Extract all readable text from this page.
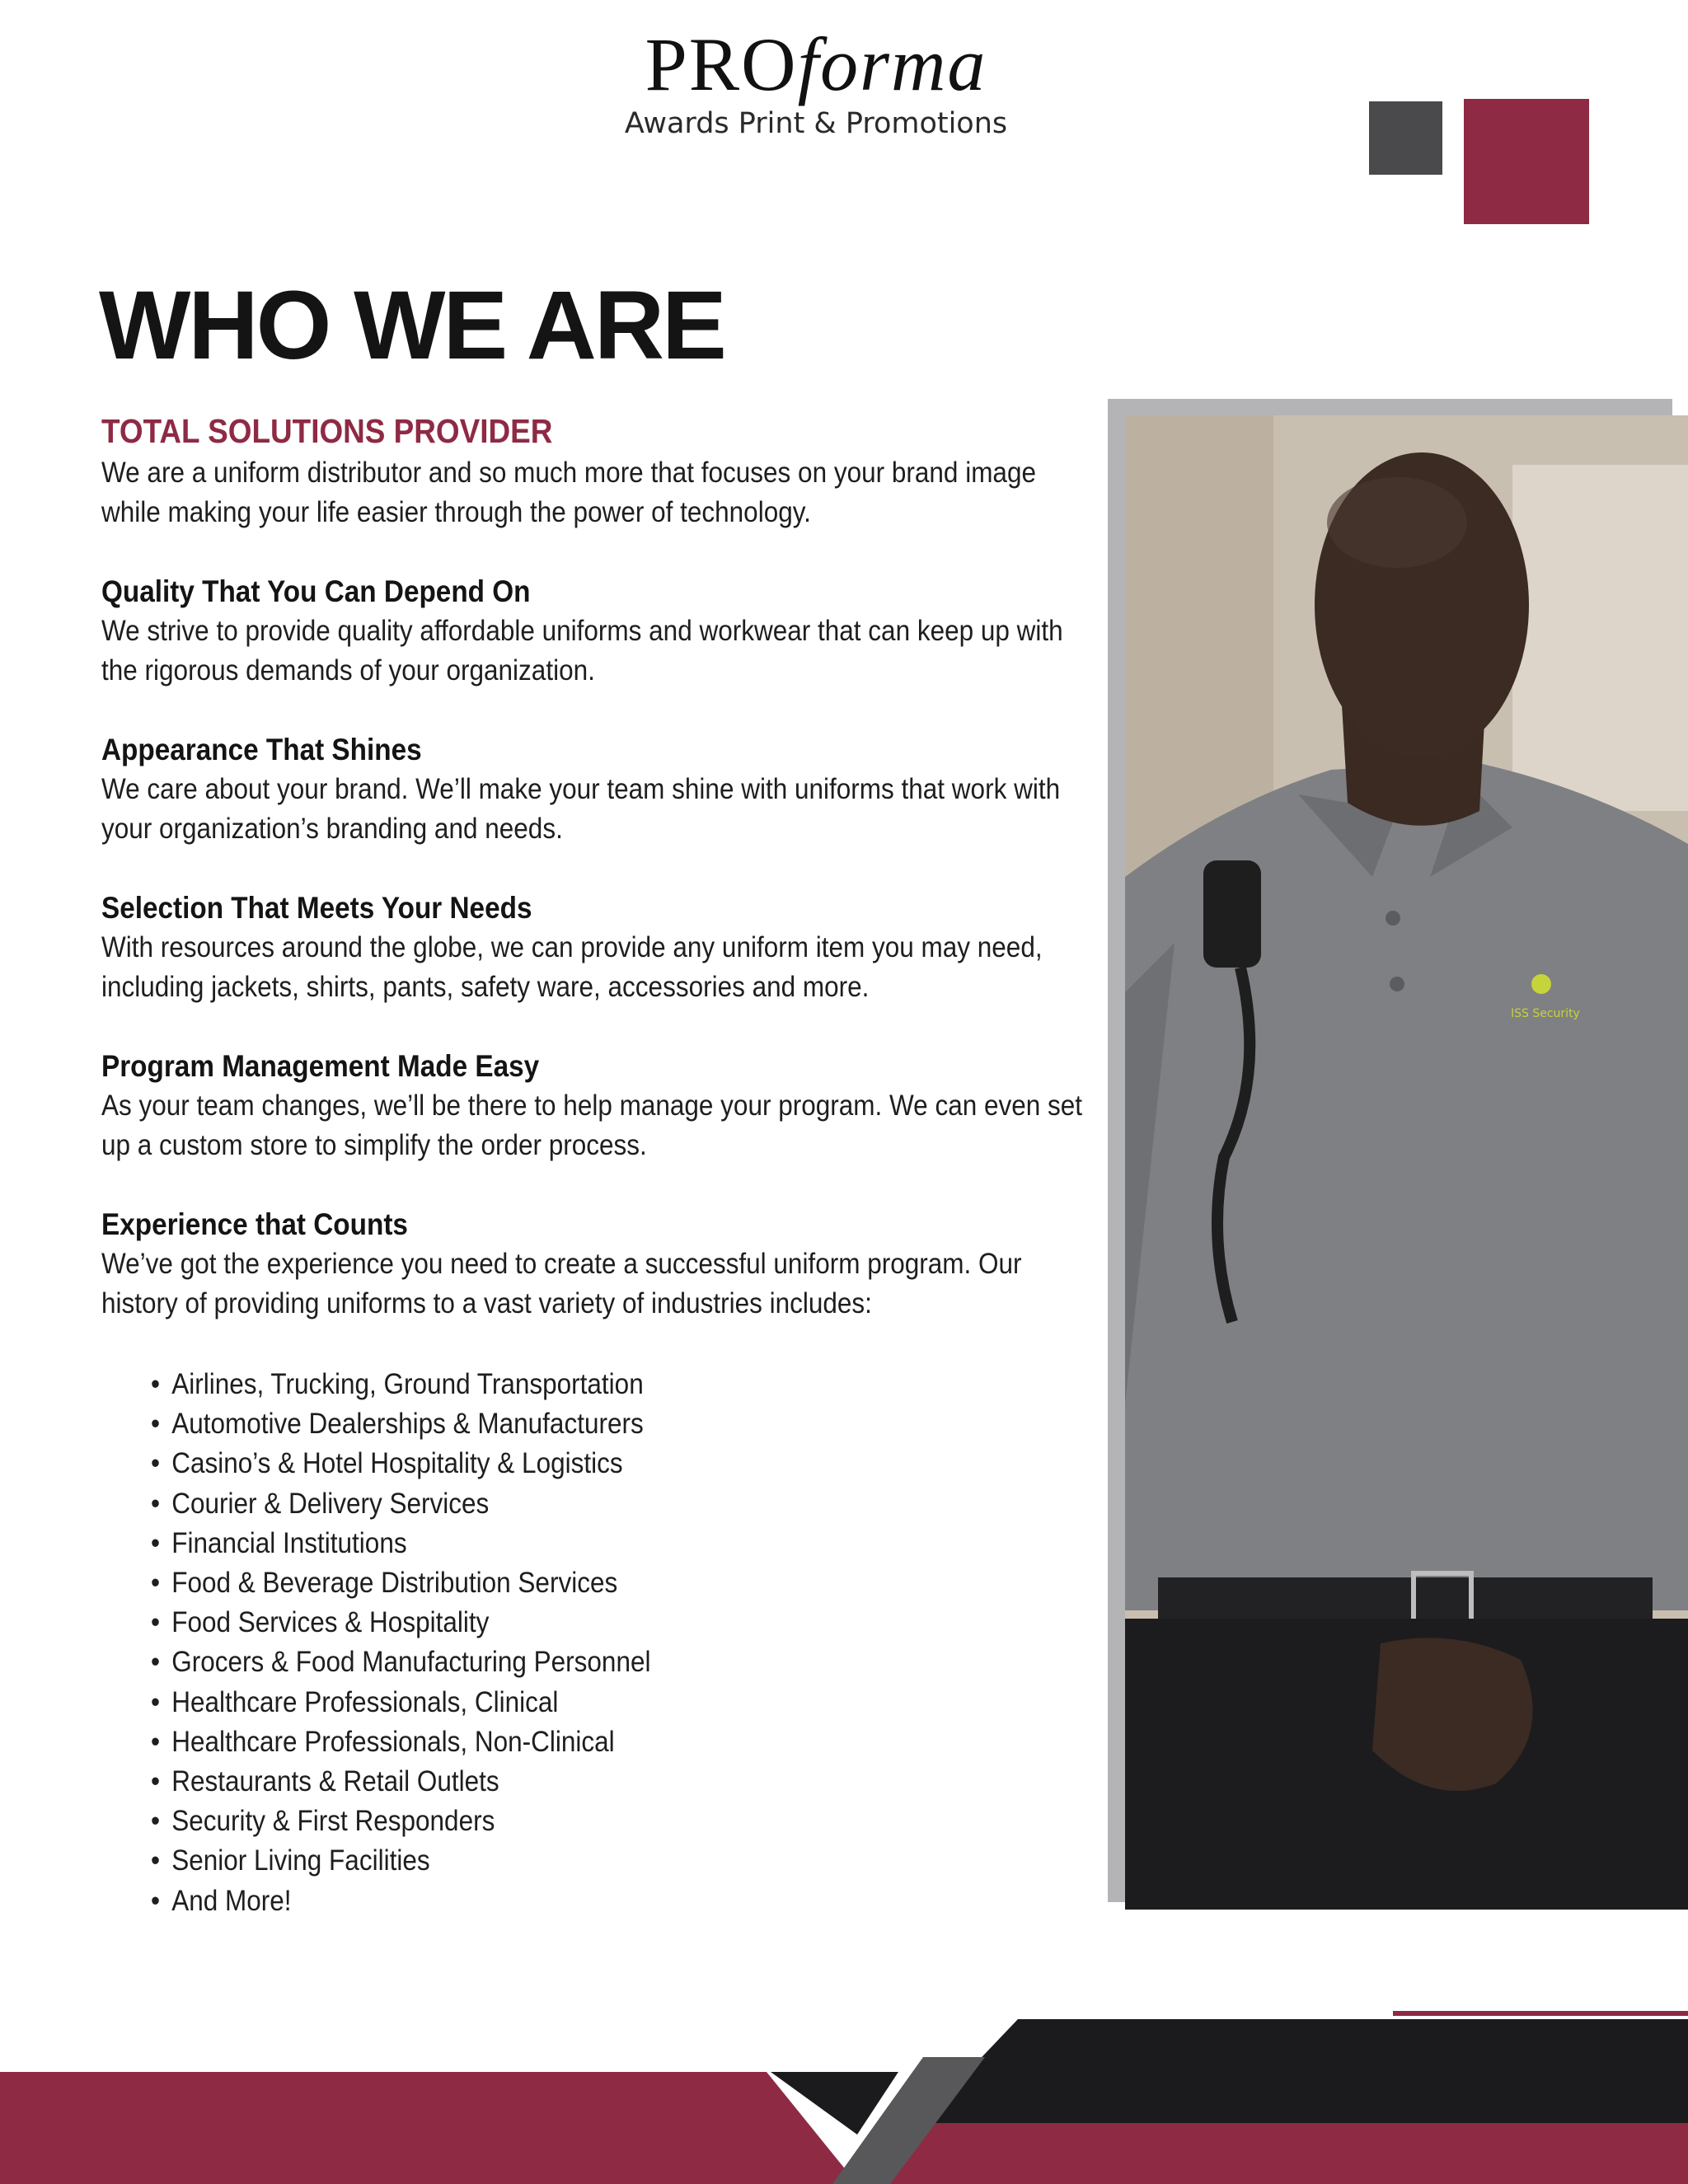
PROforma
Awards Print & Promotions
WHO WE ARE
TOTAL SOLUTIONS PROVIDER
We are a uniform distributor and so much more that focuses on your brand image while making your life easier through the power of technology.
Quality That You Can Depend On
We strive to provide quality affordable uniforms and workwear that can keep up with the rigorous demands of your organization.
Appearance That Shines
We care about your brand. We’ll make your team shine with uniforms that work with your organization’s branding and needs.
Selection That Meets Your Needs
With resources around the globe, we can provide any uniform item you may need, including jackets, shirts, pants, safety ware, accessories and more.
Program Management Made Easy
As your team changes, we’ll be there to help manage your program. We can even set up a custom store to simplify the order process.
Experience that Counts
We’ve got the experience you need to create a successful uniform program. Our history of providing uniforms to a vast variety of industries includes:
• Airlines, Trucking, Ground Transportation
• Automotive Dealerships & Manufacturers
• Casino’s & Hotel Hospitality & Logistics
• Courier & Delivery Services
• Financial Institutions
• Food & Beverage Distribution Services
• Food Services & Hospitality
• Grocers & Food Manufacturing Personnel
• Healthcare Professionals, Clinical
• Healthcare Professionals, Non-Clinical
• Restaurants & Retail Outlets
• Security & First Responders
• Senior Living Facilities
• And More!
ISS Security
